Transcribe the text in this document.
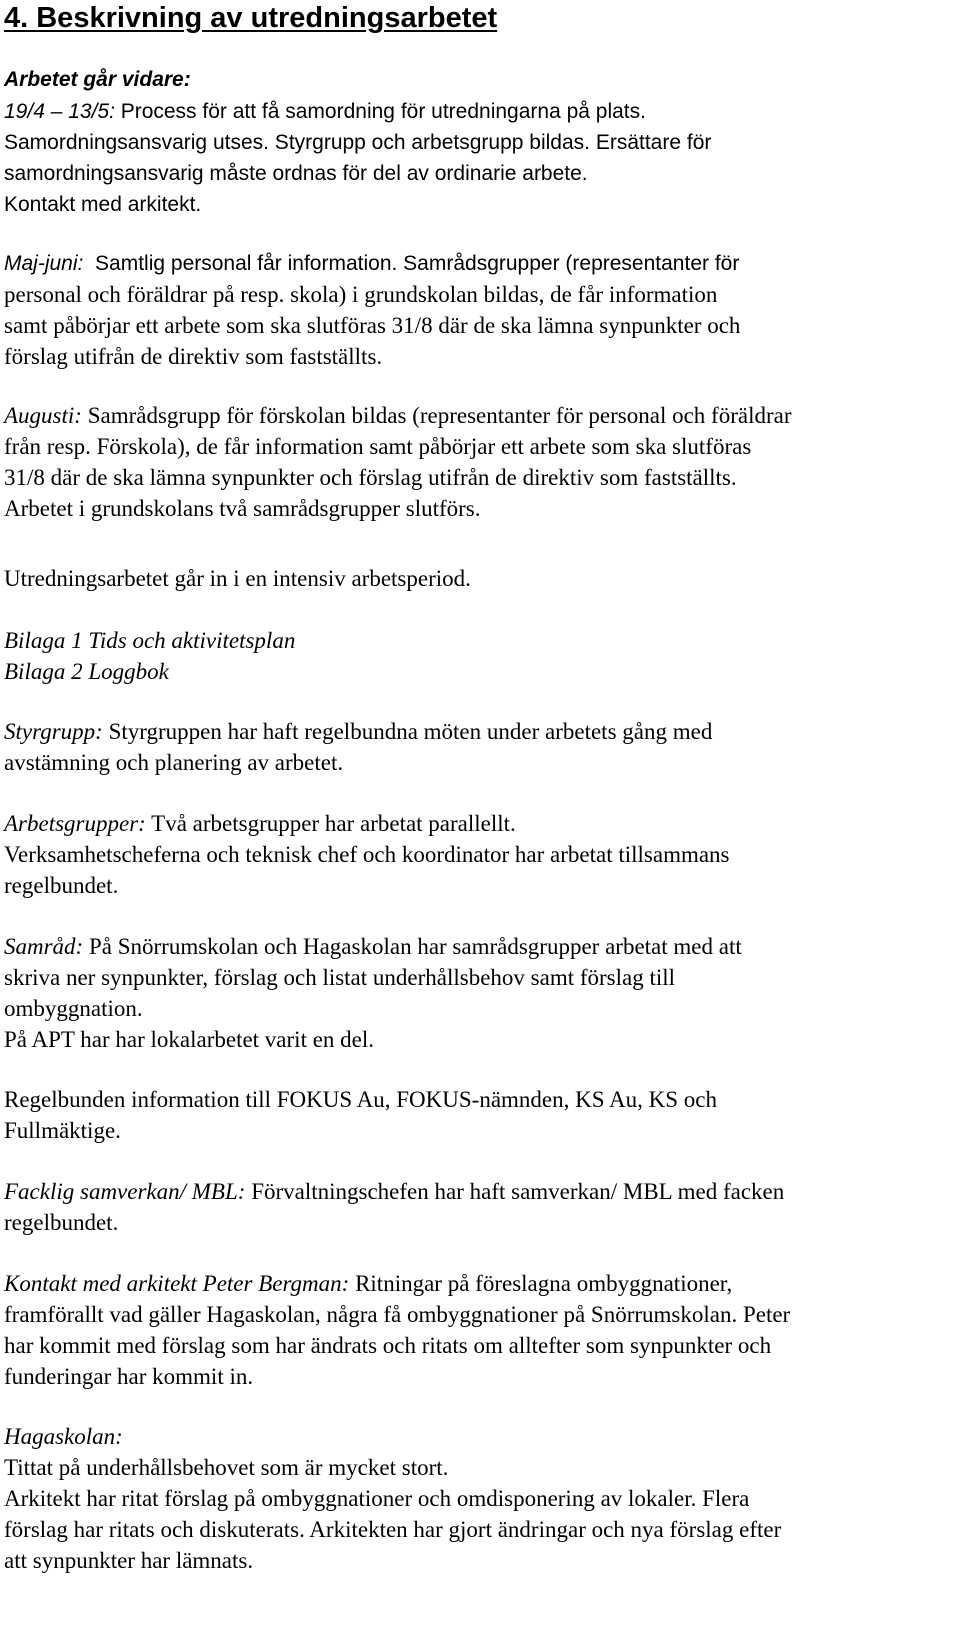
4. Beskrivning av utredningsarbetet
Arbetet går vidare:
19/4 – 13/5: Process för att få samordning för utredningarna på plats.
Samordningsansvarig utses. Styrgrupp och arbetsgrupp bildas. Ersättare för
samordningsansvarig måste ordnas för del av ordinarie arbete.
Kontakt med arkitekt.
Maj-juni: Samtlig personal får information. Samrådsgrupper (representanter för
personal och föräldrar på resp. skola) i grundskolan bildas, de får information
samt påbörjar ett arbete som ska slutföras 31/8 där de ska lämna synpunkter och
förslag utifrån de direktiv som fastställts.
Augusti: Samrådsgrupp för förskolan bildas (representanter för personal och föräldrar
från resp. Förskola), de får information samt påbörjar ett arbete som ska slutföras
31/8 där de ska lämna synpunkter och förslag utifrån de direktiv som fastställts.
Arbetet i grundskolans två samrådsgrupper slutförs.
Utredningsarbetet går in i en intensiv arbetsperiod.
Bilaga 1 Tids och aktivitetsplan
Bilaga 2 Loggbok
Styrgrupp: Styrgruppen har haft regelbundna möten under arbetets gång med
avstämning och planering av arbetet.
Arbetsgrupper: Två arbetsgrupper har arbetat parallellt.
Verksamhetscheferna och teknisk chef och koordinator har arbetat tillsammans
regelbundet.
Samråd: På Snörrumskolan och Hagaskolan har samrådsgrupper arbetat med att
skriva ner synpunkter, förslag och listat underhållsbehov samt förslag till
ombyggnation.
På APT har har lokalarbetet varit en del.
Regelbunden information till FOKUS Au, FOKUS-nämnden, KS Au, KS och
Fullmäktige.
Facklig samverkan/ MBL: Förvaltningschefen har haft samverkan/ MBL med facken
regelbundet.
Kontakt med arkitekt Peter Bergman: Ritningar på föreslagna ombyggnationer,
framförallt vad gäller Hagaskolan, några få ombyggnationer på Snörrumskolan. Peter
har kommit med förslag som har ändrats och ritats om alltefter som synpunkter och
funderingar har kommit in.
Hagaskolan:
Tittat på underhållsbehovet som är mycket stort.
Arkitekt har ritat förslag på ombyggnationer och omdisponering av lokaler. Flera
förslag har ritats och diskuterats. Arkitekten har gjort ändringar och nya förslag efter
att synpunkter har lämnats.
